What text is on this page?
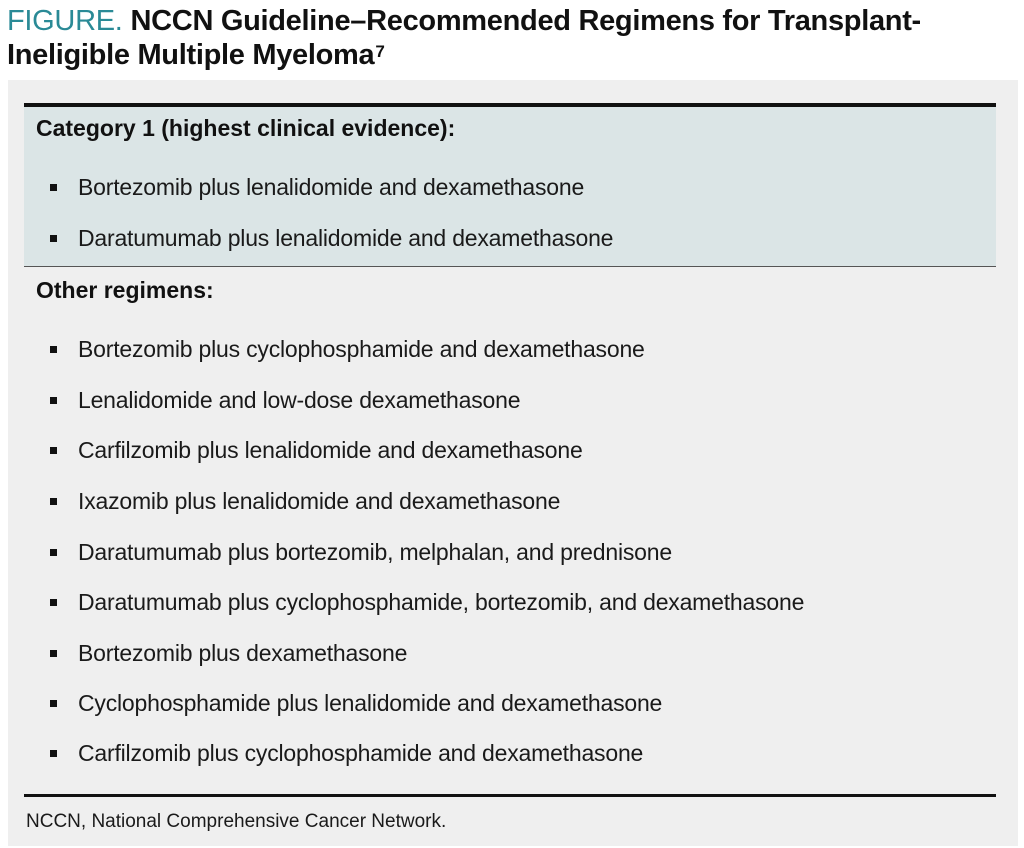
FIGURE. NCCN Guideline–Recommended Regimens for Transplant-Ineligible Multiple Myeloma$^7$
Category 1 (highest clinical evidence):
Bortezomib plus lenalidomide and dexamethasone
Daratumumab plus lenalidomide and dexamethasone
Other regimens:
Bortezomib plus cyclophosphamide and dexamethasone
Lenalidomide and low-dose dexamethasone
Carfilzomib plus lenalidomide and dexamethasone
Ixazomib plus lenalidomide and dexamethasone
Daratumumab plus bortezomib, melphalan, and prednisone
Daratumumab plus cyclophosphamide, bortezomib, and dexamethasone
Bortezomib plus dexamethasone
Cyclophosphamide plus lenalidomide and dexamethasone
Carfilzomib plus cyclophosphamide and dexamethasone
NCCN, National Comprehensive Cancer Network.
